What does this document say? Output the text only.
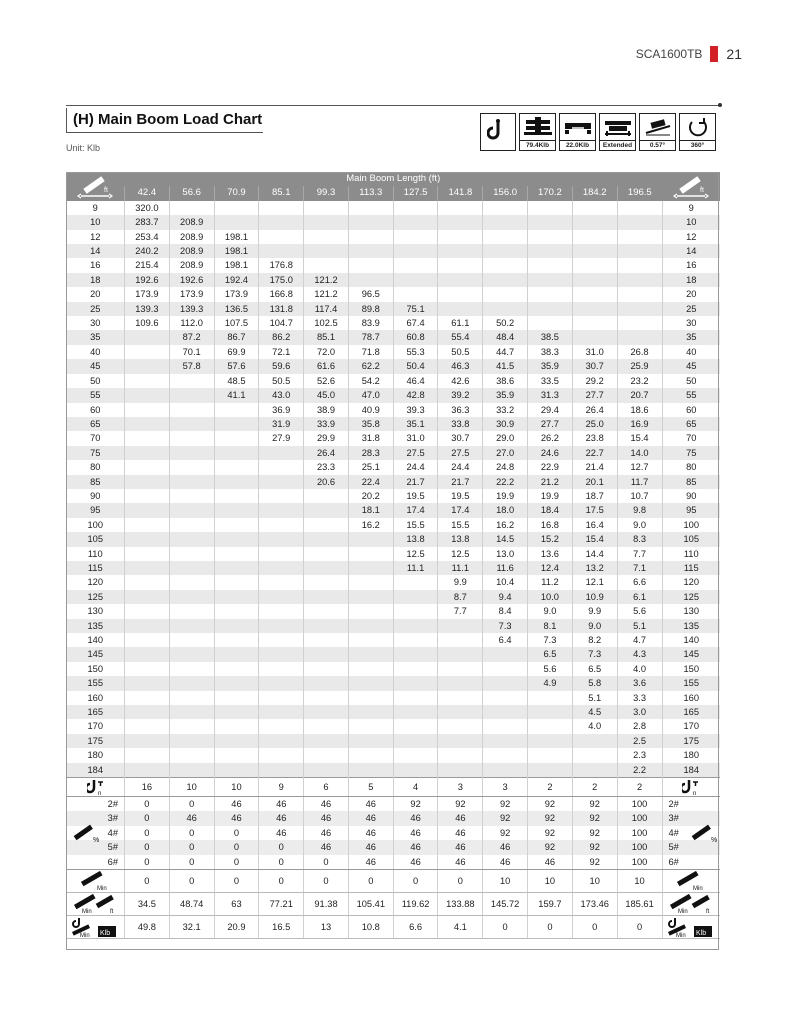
SCA1600TB 21
(H) Main Boom Load Chart
Unit: Klb	79.4Klb	22.0Klb	Extended	0.57°	360°
ft	Main Boom Length (ft)												ft

	42.4	56.6	70.9	85.1	99.3	113.3	127.5	141.8	156.0	170.2	184.2	196.5	
9	320.0												9
10	283.7	208.9											10
12	253.4	208.9	198.1										12
14	240.2	208.9	198.1										14
16	215.4	208.9	198.1	176.8									16
18	192.6	192.6	192.4	175.0	121.2								18
20	173.9	173.9	173.9	166.8	121.2	96.5							20
25	139.3	139.3	136.5	131.8	117.4	89.8	75.1						25
30	109.6	112.0	107.5	104.7	102.5	83.9	67.4	61.1	50.2				30
35		87.2	86.7	86.2	85.1	78.7	60.8	55.4	48.4	38.5			35
40		70.1	69.9	72.1	72.0	71.8	55.3	50.5	44.7	38.3	31.0	26.8	40
45		57.8	57.6	59.6	61.6	62.2	50.4	46.3	41.5	35.9	30.7	25.9	45
50			48.5	50.5	52.6	54.2	46.4	42.6	38.6	33.5	29.2	23.2	50
55			41.1	43.0	45.0	47.0	42.8	39.2	35.9	31.3	27.7	20.7	55
60				36.9	38.9	40.9	39.3	36.3	33.2	29.4	26.4	18.6	60
65				31.9	33.9	35.8	35.1	33.8	30.9	27.7	25.0	16.9	65
70				27.9	29.9	31.8	31.0	30.7	29.0	26.2	23.8	15.4	70
75					26.4	28.3	27.5	27.5	27.0	24.6	22.7	14.0	75
80					23.3	25.1	24.4	24.4	24.8	22.9	21.4	12.7	80
85					20.6	22.4	21.7	21.7	22.2	21.2	20.1	11.7	85
90						20.2	19.5	19.5	19.9	19.9	18.7	10.7	90
95						18.1	17.4	17.4	18.0	18.4	17.5	9.8	95
100						16.2	15.5	15.5	16.2	16.8	16.4	9.0	100
105							13.8	13.8	14.5	15.2	15.4	8.3	105
110							12.5	12.5	13.0	13.6	14.4	7.7	110
115							11.1	11.1	11.6	12.4	13.2	7.1	115
120								9.9	10.4	11.2	12.1	6.6	120
125								8.7	9.4	10.0	10.9	6.1	125
130								7.7	8.4	9.0	9.9	5.6	130
135									7.3	8.1	9.0	5.1	135
140									6.4	7.3	8.2	4.7	140
145										6.5	7.3	4.3	145
150										5.6	6.5	4.0	150
155										4.9	5.8	3.6	155
160											5.1	3.3	160
165											4.5	3.0	165
170											4.0	2.8	170
175												2.5	175
180												2.3	180
184												2.2	184

n	16	10	10	9	6	5	4	3	3	2	2	2	n

2#	0	0	46	46	46	46	92	92	92	92	92	100	2#
3#	0	46	46	46	46	46	46	46	92	92	92	100	3#

%
4#	0	0	0	46	46	46	46	46	92	92	92	100	4#
%

5#	0	0	0	0	46	46	46	46	46	92	92	100	5#
6#	0	0	0	0	0	46	46	46	46	46	92	100	6#

Min	0	0	0	0	0	0	0	0	10	10	10	10	Min

Min ft	34.5	48.74	63	77.21	91.38	105.41	119.62	133.88	145.72	159.7	173.46	185.61	Min ft

Min Klb	49.8	32.1	20.9	16.5	13	10.8	6.6	4.1	0	0	0	0	Min Klb
